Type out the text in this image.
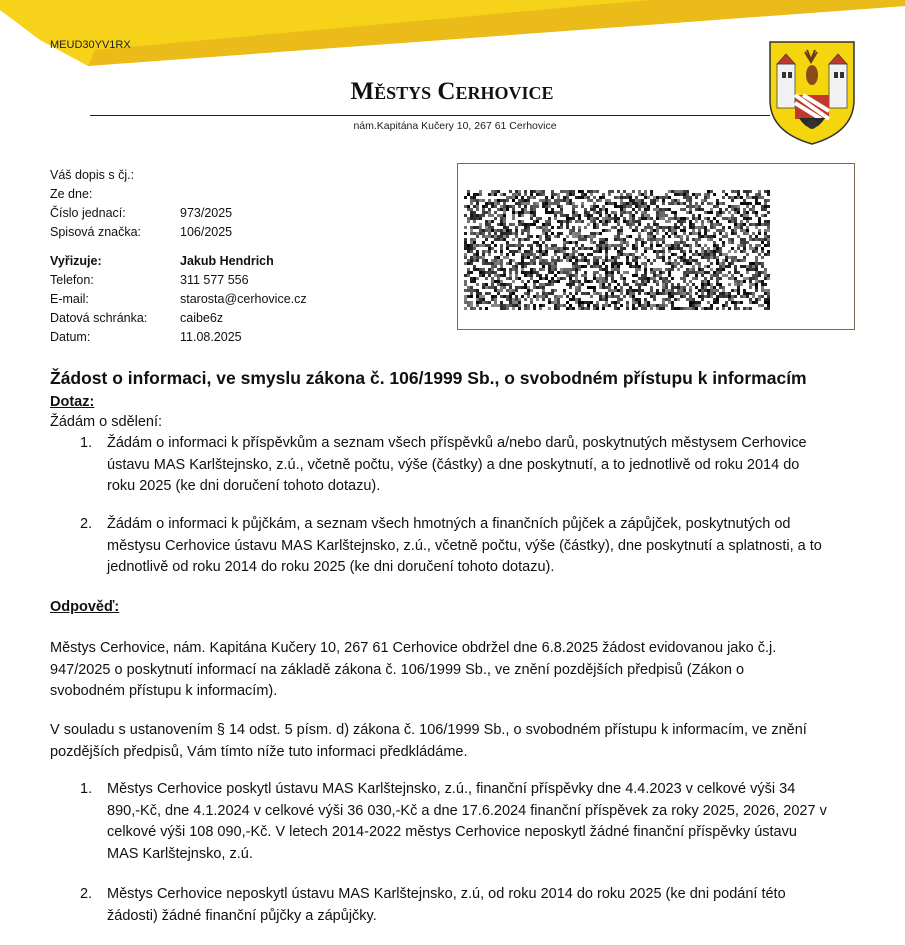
MEUD30YV1RX
Městys Cerhovice
nám.Kapitána Kučery 10, 267 61 Cerhovice
Váš dopis s čj.:
Ze dne:
Číslo jednací:	973/2025
Spisová značka:	106/2025
Vyřizuje:	Jakub Hendrich
Telefon:	311 577 556
E-mail:	starosta@cerhovice.cz
Datová schránka:	caibe6z
Datum:	11.08.2025
Žádost o informaci, ve smyslu zákona č. 106/1999 Sb., o svobodném přístupu k informacím
Dotaz:
Žádám o sdělení:
1. Žádám o informaci k příspěvkům a seznam všech příspěvků a/nebo darů, poskytnutých městysem Cerhovice
ústavu MAS Karlštejnsko, z.ú., včetně počtu, výše (částky) a dne poskytnutí, a to jednotlivě od roku 2014 do
roku 2025 (ke dni doručení tohoto dotazu).
2. Žádám o informaci k půjčkám, a seznam všech hmotných a finančních půjček a zápůjček, poskytnutých od
městysu Cerhovice ústavu MAS Karlštejnsko, z.ú., včetně počtu, výše (částky), dne poskytnutí a splatnosti, a to
jednotlivě od roku 2014 do roku 2025 (ke dni doručení tohoto dotazu).
Odpověď:
Městys Cerhovice, nám. Kapitána Kučery 10, 267 61 Cerhovice obdržel dne 6.8.2025 žádost evidovanou jako č.j.
947/2025 o poskytnutí informací na základě zákona č. 106/1999 Sb., ve znění pozdějších předpisů (Zákon o
svobodném přístupu k informacím).
V souladu s ustanovením § 14 odst. 5 písm. d) zákona č. 106/1999 Sb., o svobodném přístupu k informacím, ve znění
pozdějších předpisů, Vám tímto níže tuto informaci předkládáme.
1. Městys Cerhovice poskytl ústavu MAS Karlštejnsko, z.ú., finanční příspěvky dne 4.4.2023 v celkové výši 34
890,-Kč, dne 4.1.2024 v celkové výši 36 030,-Kč a dne 17.6.2024 finanční příspěvek za roky 2025, 2026, 2027 v
celkové výši 108 090,-Kč. V letech 2014-2022 městys Cerhovice neposkytl žádné finanční příspěvky ústavu
MAS Karlštejnsko, z.ú.
2. Městys Cerhovice neposkytl ústavu MAS Karlštejnsko, z.ú, od roku 2014 do roku 2025 (ke dni podání této
žádosti) žádné finanční půjčky a zápůjčky.
